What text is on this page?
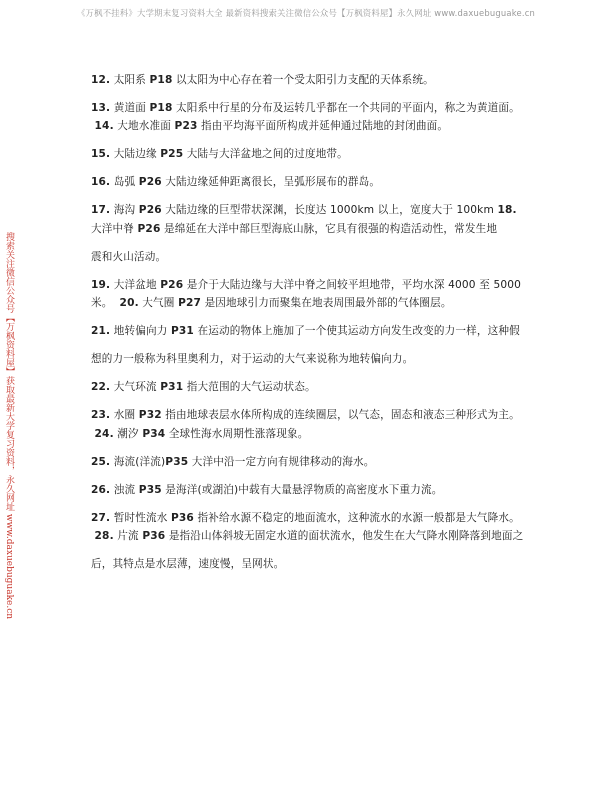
《万枫不挂科》大学期末复习资料大全 最新资料搜索关注微信公众号【万枫资料屋】永久网址 www.daxuebuguake.cn
搜索关注微信公众号【万枫资料屋】获取最新大学复习资料，永久网址 www.daxuebuguake.cn

12. 太阳系 P18 以太阳为中心存在着一个受太阳引力支配的天体系统。

13. 黄道面 P18 太阳系中行星的分布及运转几乎都在一个共同的平面内，称之为黄道面。  14. 大地水准面 P23 指由平均海平面所构成并延伸通过陆地的封闭曲面。

15. 大陆边缘 P25 大陆与大洋盆地之间的过度地带。

16. 岛弧 P26 大陆边缘延伸距离很长，呈弧形展布的群岛。

17. 海沟 P26 大陆边缘的巨型带状深渊，长度达 1000km 以上，宽度大于 100km 18. 大洋中脊 P26 是绵延在大洋中部巨型海底山脉，它具有很强的构造活动性，常发生地

震和火山活动。

19. 大洋盆地 P26 是介于大陆边缘与大洋中脊之间较平坦地带，平均水深 4000 至 5000 米。 20. 大气圈 P27 是因地球引力而聚集在地表周围最外部的气体圈层。

21. 地转偏向力 P31 在运动的物体上施加了一个使其运动方向发生改变的力一样，这种假

想的力一般称为科里奥利力，对于运动的大气来说称为地转偏向力。

22. 大气环流 P31 指大范围的大气运动状态。

23. 水圈 P32 指由地球表层水体所构成的连续圈层，以气态，固态和液态三种形式为主。  24. 潮汐 P34 全球性海水周期性涨落现象。

25. 海流(洋流)P35 大洋中沿一定方向有规律移动的海水。

26. 浊流 P35 是海洋(或湖泊)中载有大量悬浮物质的高密度水下重力流。

27. 暂时性流水 P36 指补给水源不稳定的地面流水，这种流水的水源一般都是大气降水。  28. 片流 P36 是指沿山体斜坡无固定水道的面状流水，他发生在大气降水刚降落到地面之

后，其特点是水层薄，速度慢，呈网状。
